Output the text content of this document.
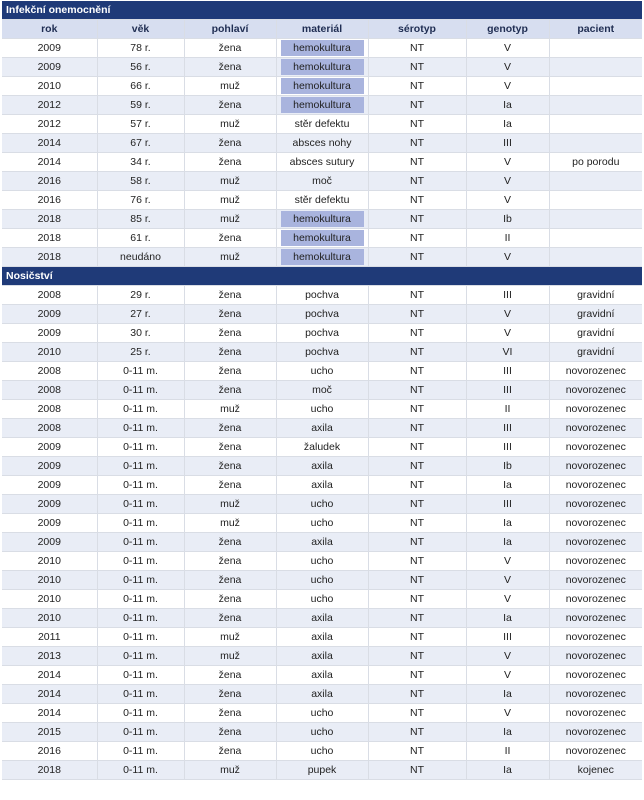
Infekční onemocnění						
rok	věk	pohlaví	materiál	sérotyp	genotyp	pacient
2009	78 r.	žena	hemokultura	NT	V	
2009	56 r.	žena	hemokultura	NT	V	
2010	66 r.	muž	hemokultura	NT	V	
2012	59 r.	žena	hemokultura	NT	Ia	
2012	57 r.	muž	stěr defektu	NT	Ia	
2014	67 r.	žena	absces nohy	NT	III	
2014	34 r.	žena	absces sutury	NT	V	po porodu
2016	58 r.	muž	moč	NT	V	
2016	76 r.	muž	stěr defektu	NT	V	
2018	85 r.	muž	hemokultura	NT	Ib	
2018	61 r.	žena	hemokultura	NT	II	
2018	neudáno	muž	hemokultura	NT	V	
Nosičství						
2008	29 r.	žena	pochva	NT	III	gravidní
2009	27 r.	žena	pochva	NT	V	gravidní
2009	30 r.	žena	pochva	NT	V	gravidní
2010	25 r.	žena	pochva	NT	VI	gravidní
2008	0-11 m.	žena	ucho	NT	III	novorozenec
2008	0-11 m.	žena	moč	NT	III	novorozenec
2008	0-11 m.	muž	ucho	NT	II	novorozenec
2008	0-11 m.	žena	axila	NT	III	novorozenec
2009	0-11 m.	žena	žaludek	NT	III	novorozenec
2009	0-11 m.	žena	axila	NT	Ib	novorozenec
2009	0-11 m.	žena	axila	NT	Ia	novorozenec
2009	0-11 m.	muž	ucho	NT	III	novorozenec
2009	0-11 m.	muž	ucho	NT	Ia	novorozenec
2009	0-11 m.	žena	axila	NT	Ia	novorozenec
2010	0-11 m.	žena	ucho	NT	V	novorozenec
2010	0-11 m.	žena	ucho	NT	V	novorozenec
2010	0-11 m.	žena	ucho	NT	V	novorozenec
2010	0-11 m.	žena	axila	NT	Ia	novorozenec
2011	0-11 m.	muž	axila	NT	III	novorozenec
2013	0-11 m.	muž	axila	NT	V	novorozenec
2014	0-11 m.	žena	axila	NT	V	novorozenec
2014	0-11 m.	žena	axila	NT	Ia	novorozenec
2014	0-11 m.	žena	ucho	NT	V	novorozenec
2015	0-11 m.	žena	ucho	NT	Ia	novorozenec
2016	0-11 m.	žena	ucho	NT	II	novorozenec
2018	0-11 m.	muž	pupek	NT	Ia	kojenec
